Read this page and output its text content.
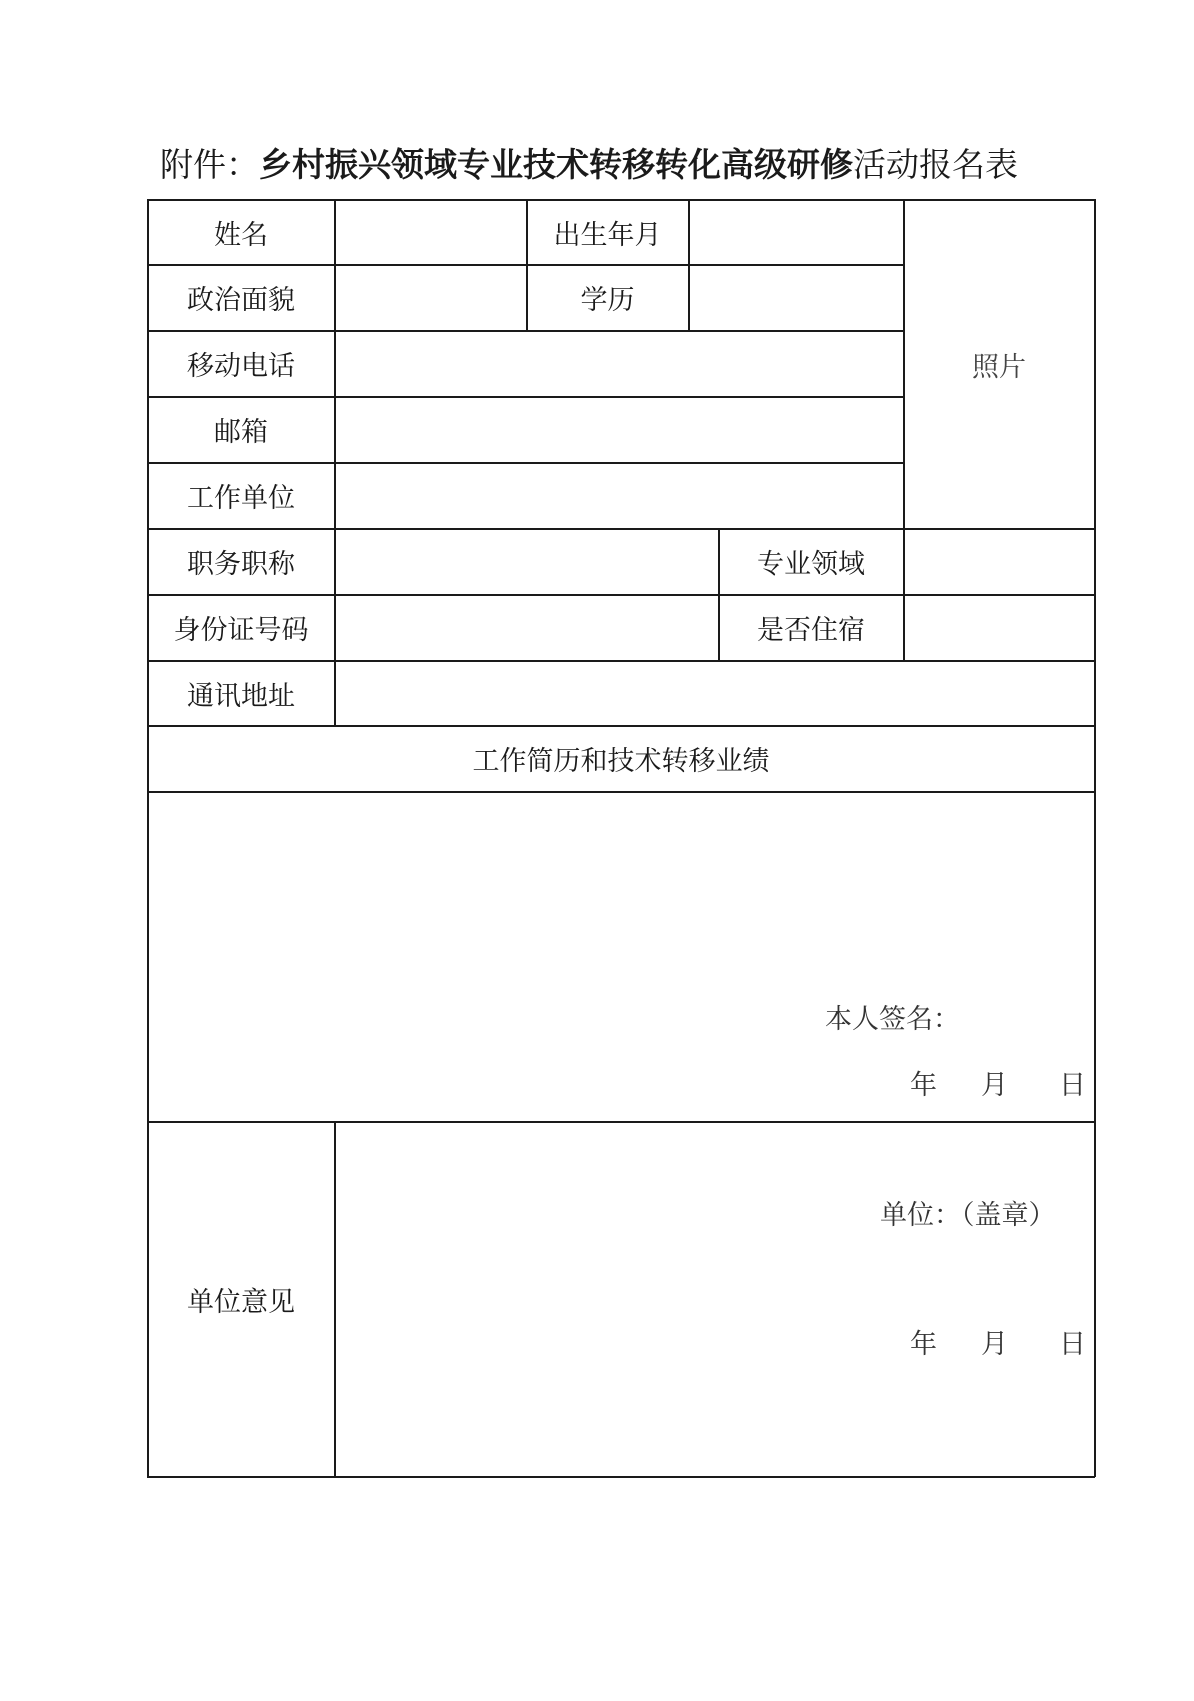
附件：乡村振兴领域专业技术转移转化高级研修活动报名表
姓名	出生年月
照片
政治面貌	学历
移动电话
邮箱
工作单位
职务职称	专业领域
身份证号码	是否住宿
通讯地址
工作简历和技术转移业绩
本人签名：
年	月	日
单位意见
单位：（盖章）
年	月	日
